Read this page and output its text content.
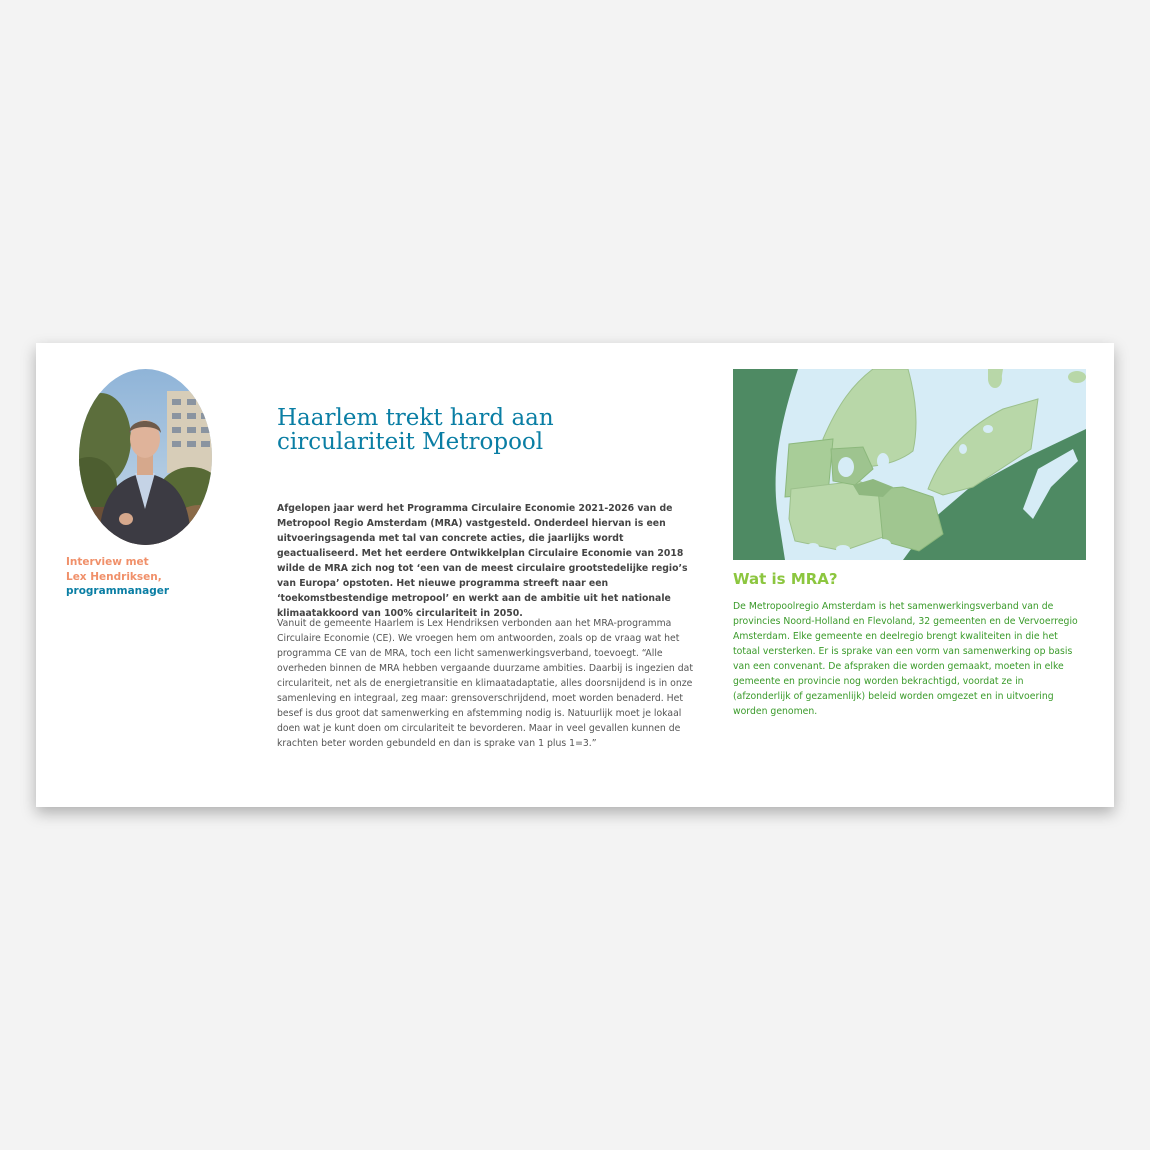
Interview met
Lex Hendriksen,
programmanager
Haarlem trekt hard aan circulariteit Metropool

Afgelopen jaar werd het Programma Circulaire Economie 2021-2026 van de Metropool Regio Amsterdam (MRA) vastgesteld. Onderdeel hiervan is een uitvoeringsagenda met tal van concrete acties, die jaarlijks wordt geactualiseerd. Met het eerdere Ontwikkelplan Circulaire Economie van 2018 wilde de MRA zich nog tot ‘een van de meest circulaire grootstedelijke regio’s van Europa’ opstoten. Het nieuwe programma streeft naar een ‘toekomstbestendige metropool’ en werkt aan de ambitie uit het nationale klimaatakkoord van 100% circulariteit in 2050.

Vanuit de gemeente Haarlem is Lex Hendriksen verbonden aan het MRA-programma Circulaire Economie (CE). We vroegen hem om antwoorden, zoals op de vraag wat het programma CE van de MRA, toch een licht samenwerkingsverband, toevoegt. “Alle overheden binnen de MRA hebben vergaande duurzame ambities. Daarbij is ingezien dat circulariteit, net als de energietransitie en klimaatadaptatie, alles doorsnijdend is in onze samenleving en integraal, zeg maar: grensoverschrijdend, moet worden benaderd. Het besef is dus groot dat samenwerking en afstemming nodig is. Natuurlijk moet je lokaal doen wat je kunt doen om circulariteit te bevorderen. Maar in veel gevallen kunnen de krachten beter worden gebundeld en dan is sprake van 1 plus 1=3.”

Wat is MRA?

De Metropoolregio Amsterdam is het samenwerkingsverband van de provincies Noord-Holland en Flevoland, 32 gemeenten en de Vervoerregio Amsterdam. Elke gemeente en deelregio brengt kwaliteiten in die het totaal versterken. Er is sprake van een vorm van samenwerking op basis van een convenant. De afspraken die worden gemaakt, moeten in elke gemeente en provincie nog worden bekrachtigd, voordat ze in (afzonderlijk of gezamenlijk) beleid worden omgezet en in uitvoering worden genomen.
